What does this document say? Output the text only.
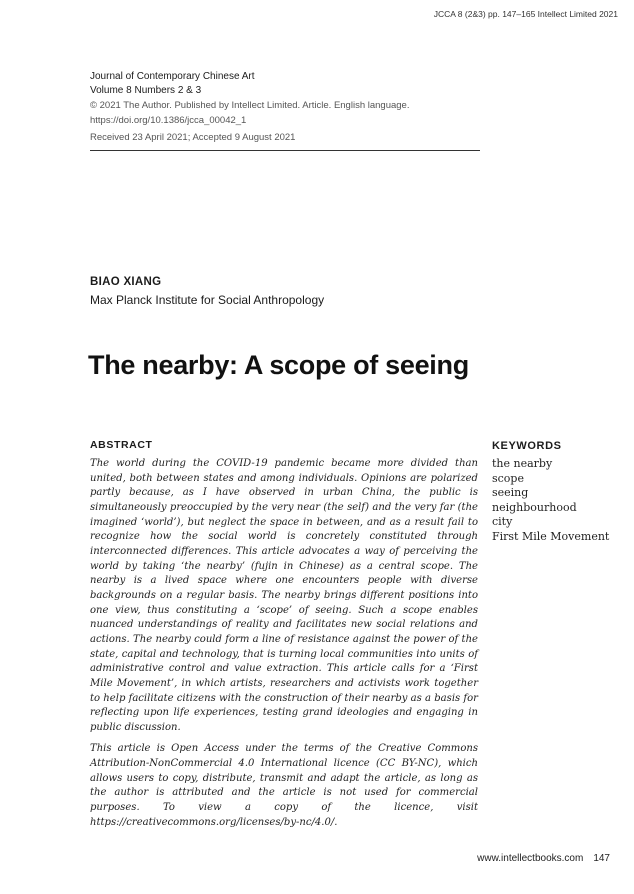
JCCA 8 (2&3) pp. 147–165 Intellect Limited 2021
Journal of Contemporary Chinese Art
Volume 8 Numbers 2 & 3
© 2021 The Author. Published by Intellect Limited. Article. English language.
https://doi.org/10.1386/jcca_00042_1
Received 23 April 2021; Accepted 9 August 2021
BIAO XIANG
Max Planck Institute for Social Anthropology
The nearby: A scope of seeing
ABSTRACT

The world during the COVID-19 pandemic became more divided than united, both between states and among individuals. Opinions are polarized partly because, as I have observed in urban China, the public is simultaneously preoccupied by the very near (the self) and the very far (the imagined ‘world’), but neglect the space in between, and as a result fail to recognize how the social world is concretely constituted through interconnected differences. This article advocates a way of perceiving the world by taking ‘the nearby’ (fujin in Chinese) as a central scope. The nearby is a lived space where one encounters people with diverse backgrounds on a regular basis. The nearby brings different positions into one view, thus constituting a ‘scope’ of seeing. Such a scope enables nuanced understandings of reality and facilitates new social relations and actions. The nearby could form a line of resistance against the power of the state, capital and technology, that is turning local communities into units of administrative control and value extraction. This article calls for a ‘First Mile Movement’, in which artists, researchers and activists work together to help facilitate citizens with the construction of their nearby as a basis for reflecting upon life experiences, testing grand ideologies and engaging in public discussion.

KEYWORDS
the nearby
scope
seeing
neighbourhood
city
First Mile Movement

This article is Open Access under the terms of the Creative Commons Attribution-NonCommercial 4.0 International licence (CC BY-NC), which allows users to copy, distribute, transmit and adapt the article, as long as the author is attributed and the article is not used for commercial purposes. To view a copy of the licence, visit https://creativecommons.org/licenses/by-nc/4.0/.

www.intellectbooks.com 147
